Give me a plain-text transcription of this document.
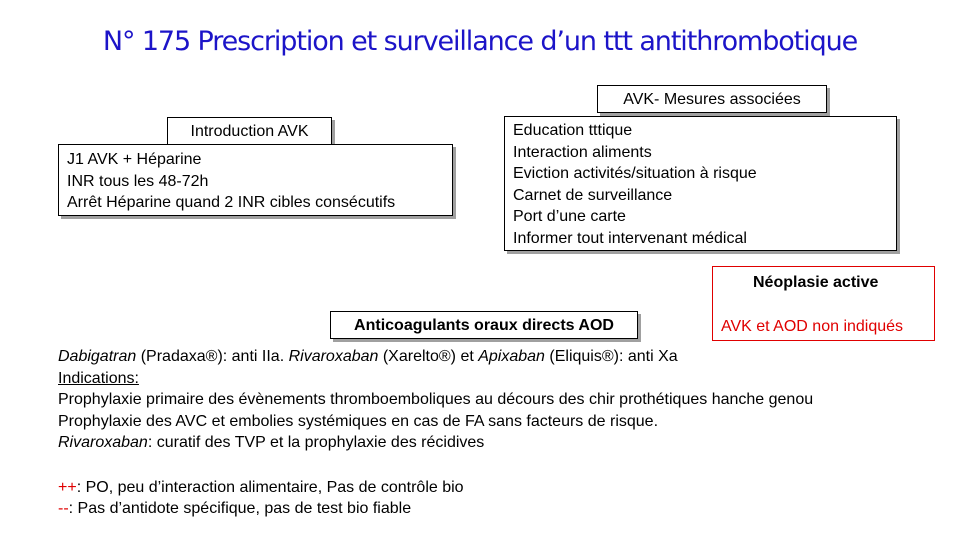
N° 175 Prescription et surveillance d’un ttt antithrombotique
AVK- Mesures associées
Education tttique
Interaction aliments
Eviction activités/situation à risque
Carnet de surveillance
Port d’une carte
Informer tout intervenant médical
Introduction AVK
J1 AVK + Héparine
INR tous les 48-72h
Arrêt Héparine quand 2 INR cibles consécutifs
Néoplasie active
AVK et AOD non indiqués
Anticoagulants oraux directs AOD
Dabigatran (Pradaxa®): anti IIa. Rivaroxaban (Xarelto®) et Apixaban (Eliquis®): anti Xa
Indications:
Prophylaxie primaire des évènements thromboemboliques au décours des chir prothétiques hanche genou
Prophylaxie des AVC et embolies systémiques en cas de FA sans facteurs de risque.
Rivaroxaban: curatif des TVP et la prophylaxie des récidives
++: PO, peu d’interaction alimentaire, Pas de contrôle bio
--: Pas d’antidote spécifique, pas de test bio fiable
